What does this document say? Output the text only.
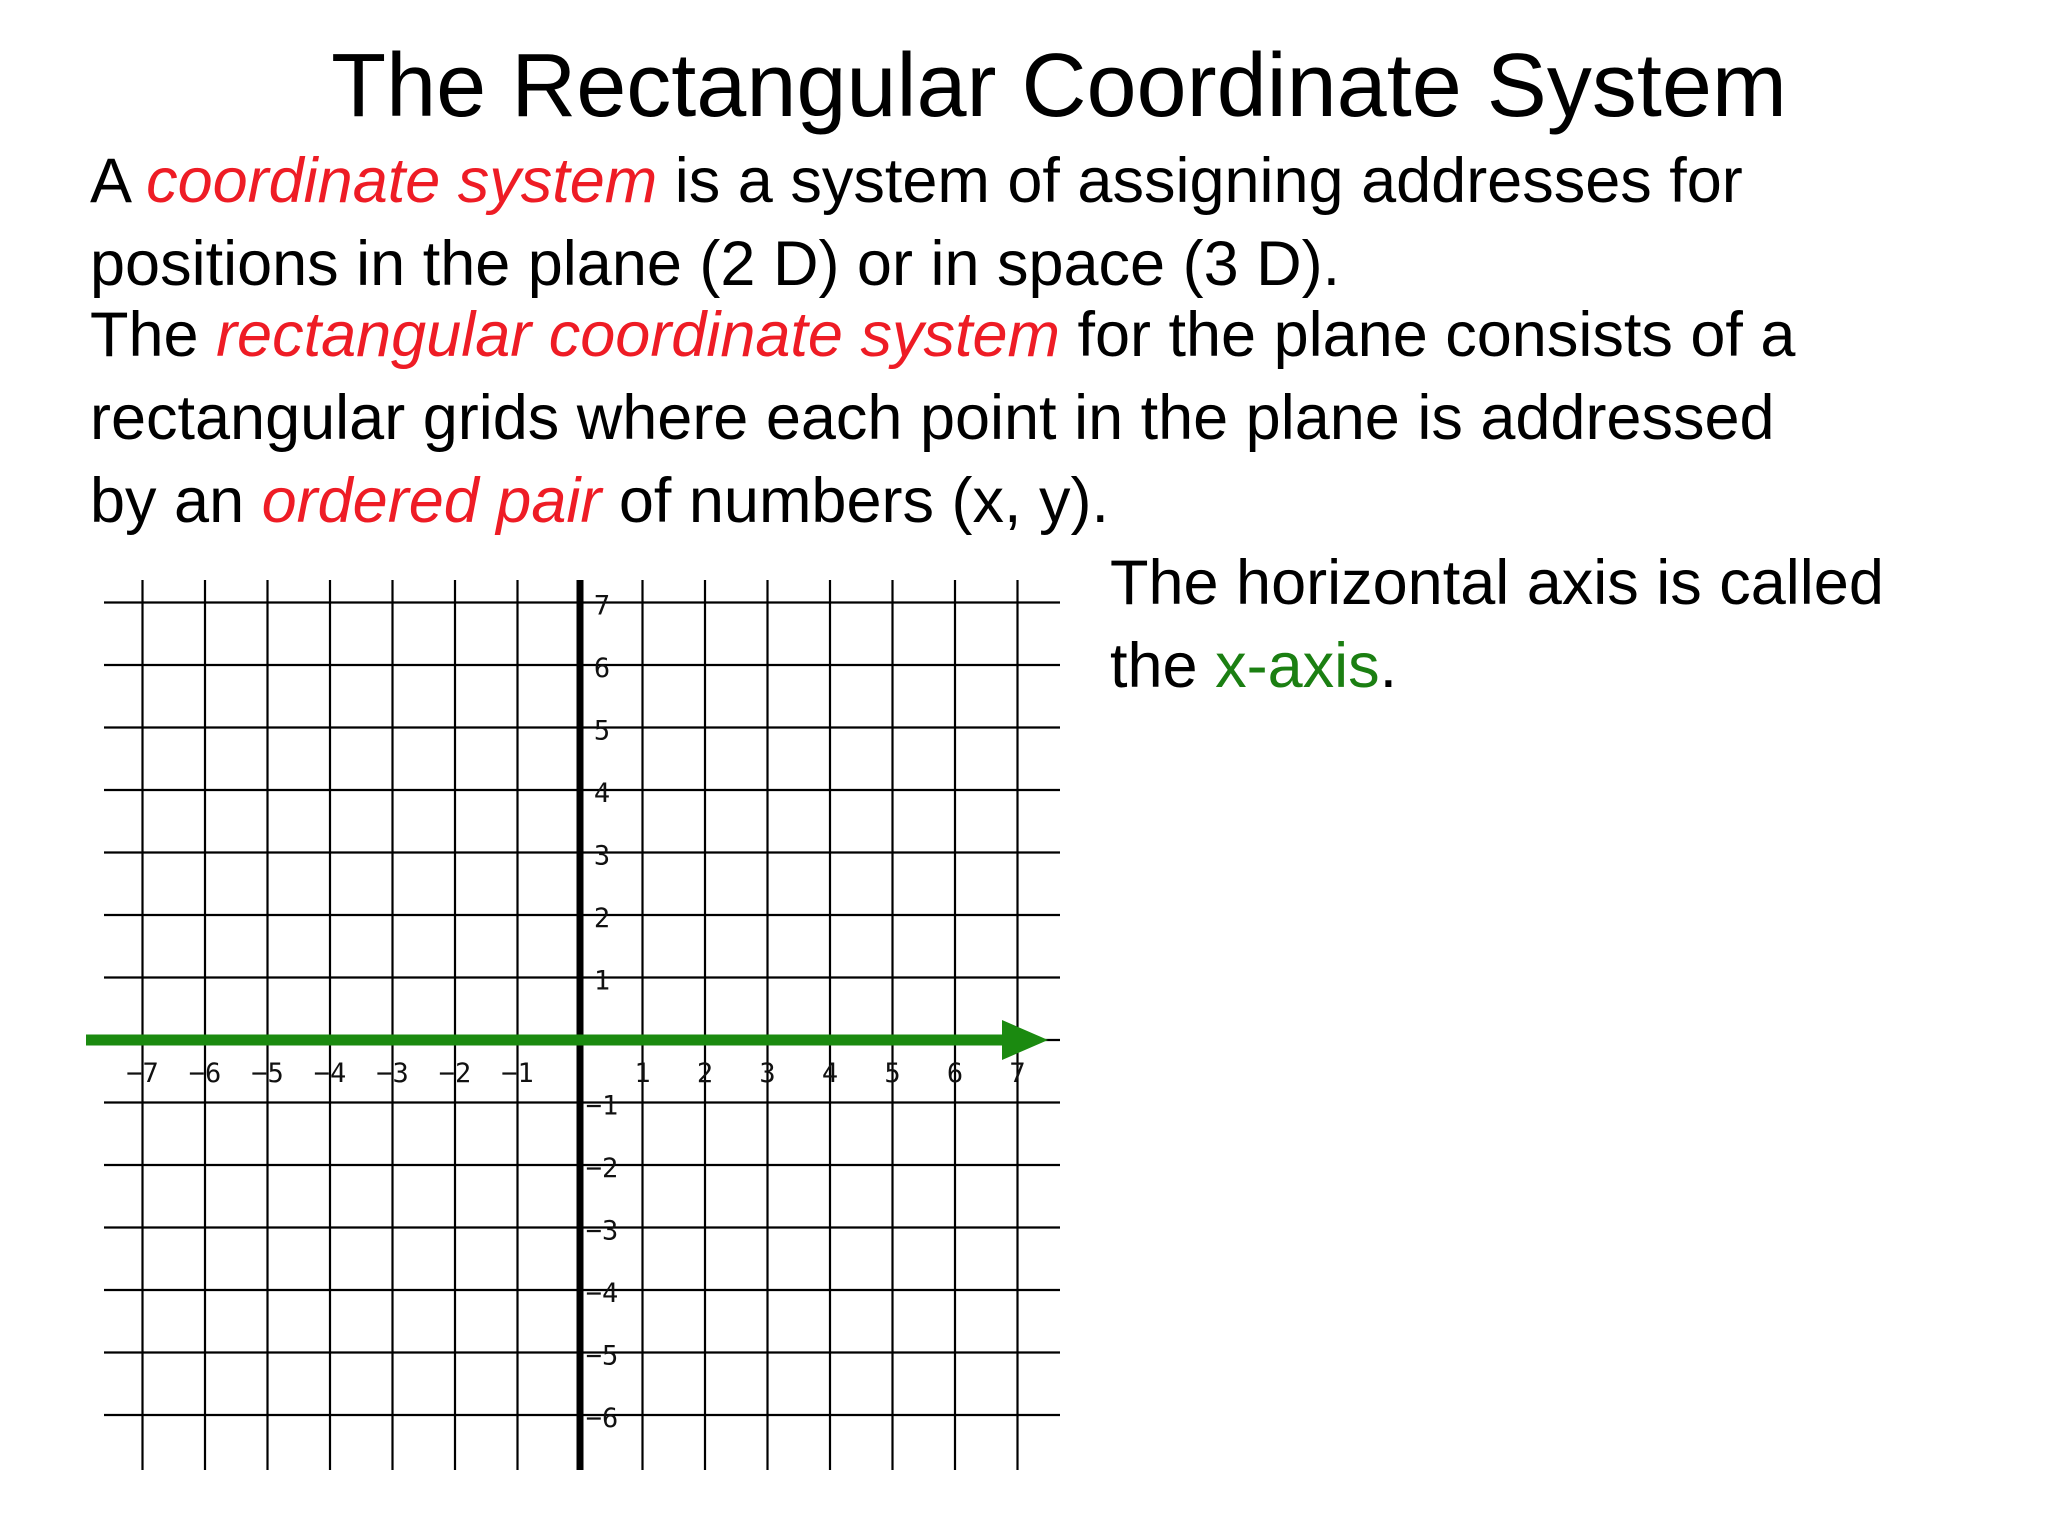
The Rectangular Coordinate System
A coordinate system is a system of assigning addresses for
positions in the plane (2 D) or in space (3 D).
The rectangular coordinate system for the plane consists of a
rectangular grids where each point in the plane is addressed
by an ordered pair of numbers (x, y).
The horizontal axis is called
the x-axis.
−7 −6 −5 −4 −3 −2 −1	1 2 3 4 5 6 7
7
6
5
4
3
2
1
−1
−2
−3
−4
−5
−6
